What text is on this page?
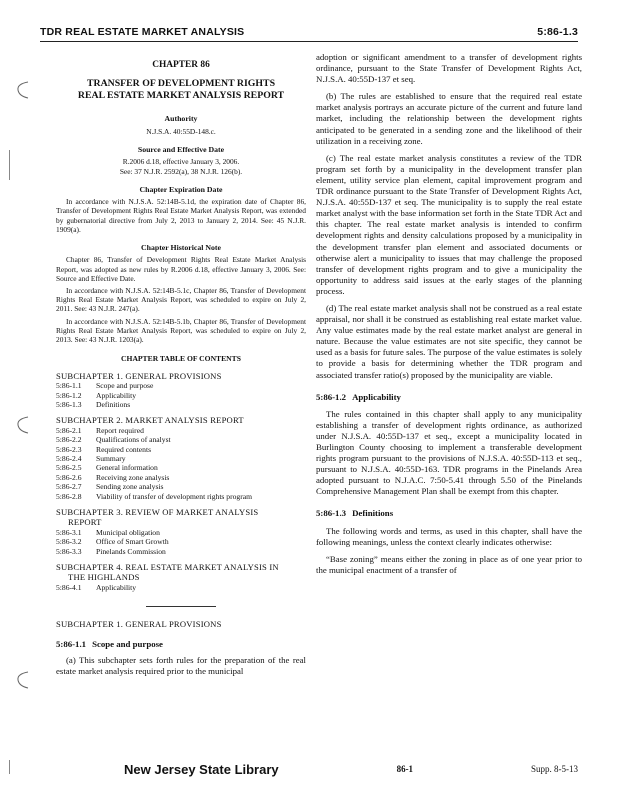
TDR REAL ESTATE MARKET ANALYSIS	5:86-1.3
CHAPTER 86
TRANSFER OF DEVELOPMENT RIGHTS
REAL ESTATE MARKET ANALYSIS REPORT
Authority
N.J.S.A. 40:55D-148.c.
Source and Effective Date
R.2006 d.18, effective January 3, 2006.
See: 37 N.J.R. 2592(a), 38 N.J.R. 126(b).
Chapter Expiration Date

In accordance with N.J.S.A. 52:14B-5.1d, the expiration date of Chapter 86, Transfer of Development Rights Real Estate Market Analysis Report, was extended by gubernatorial directive from July 2, 2013 to January 2, 2014. See: 45 N.J.R. 1909(a).

Chapter Historical Note

Chapter 86, Transfer of Development Rights Real Estate Market Analysis Report, was adopted as new rules by R.2006 d.18, effective January 3, 2006. See: Source and Effective Date.

In accordance with N.J.S.A. 52:14B-5.1c, Chapter 86, Transfer of Development Rights Real Estate Market Analysis Report, was scheduled to expire on July 2, 2011. See: 43 N.J.R. 247(a).

In accordance with N.J.S.A. 52:14B-5.1b, Chapter 86, Transfer of Development Rights Real Estate Market Analysis Report, was scheduled to expire on July 2, 2013. See: 43 N.J.R. 1203(a).

CHAPTER TABLE OF CONTENTS
SUBCHAPTER 1. GENERAL PROVISIONS
5:86-1.1	Scope and purpose
5:86-1.2	Applicability
5:86-1.3	Definitions
SUBCHAPTER 2. MARKET ANALYSIS REPORT
5:86-2.1	Report required
5:86-2.2	Qualifications of analyst
5:86-2.3	Required contents
5:86-2.4	Summary
5:86-2.5	General information
5:86-2.6	Receiving zone analysis
5:86-2.7	Sending zone analysis
5:86-2.8	Viability of transfer of development rights program
SUBCHAPTER 3. REVIEW OF MARKET ANALYSIS
REPORT
5:86-3.1	Municipal obligation
5:86-3.2	Office of Smart Growth
5:86-3.3	Pinelands Commission
SUBCHAPTER 4. REAL ESTATE MARKET ANALYSIS IN
THE HIGHLANDS
5:86-4.1	Applicability
SUBCHAPTER 1. GENERAL PROVISIONS
5:86-1.1 Scope and purpose

(a) This subchapter sets forth rules for the preparation of the real estate market analysis required prior to the municipal

adoption or significant amendment to a transfer of development rights ordinance, pursuant to the State Transfer of Development Rights Act, N.J.S.A. 40:55D-137 et seq.

(b) The rules are established to ensure that the required real estate market analysis portrays an accurate picture of the current and future land market, including the relationship between the development rights anticipated to be generated in a sending zone and the likelihood of their utilization in a receiving zone.

(c) The real estate market analysis constitutes a review of the TDR program set forth by a municipality in the development transfer plan element, utility service plan element, capital improvement program and TDR ordinance pursuant to the State Transfer of Development Rights Act, N.J.S.A. 40:55D-137 et seq. The municipality is to supply the real estate market analyst with the base information set forth in the State TDR Act and this chapter. The real estate market analysis is intended to confirm development rights and density calculations proposed by a municipality in the development transfer plan element and associated documents or otherwise alert a municipality to issues that may challenge the proposed transfer of development rights program and to give a municipality the opportunity to address said issues at the early stages of the planning process.

(d) The real estate market analysis shall not be construed as a real estate appraisal, nor shall it be construed as establishing real estate market value. Any value estimates made by the real estate market analyst are general in nature. Because the value estimates are not site specific, they cannot be used as a basis for future sales. The purpose of the value estimates is solely to provide a basis for determining whether the TDR program and associated transfer ratio(s) proposed by the municipality are viable.

5:86-1.2 Applicability

The rules contained in this chapter shall apply to any municipality establishing a transfer of development rights ordinance, as authorized under N.J.S.A. 40:55D-137 et seq., except a municipality located in Burlington County choosing to implement a transferable development rights program pursuant to the provisions of N.J.S.A. 40:55D-113 et seq., pursuant to N.J.S.A. 40:55D-163. TDR programs in the Pinelands Area adopted pursuant to N.J.A.C. 7:50-5.41 through 5.50 of the Pinelands Comprehensive Management Plan shall be exempt from this chapter.

5:86-1.3 Definitions

The following words and terms, as used in this chapter, shall have the following meanings, unless the context clearly indicates otherwise:

“Base zoning” means either the zoning in place as of one year prior to the municipal enactment of a transfer of

New Jersey State Library	86-1	Supp. 8-5-13
